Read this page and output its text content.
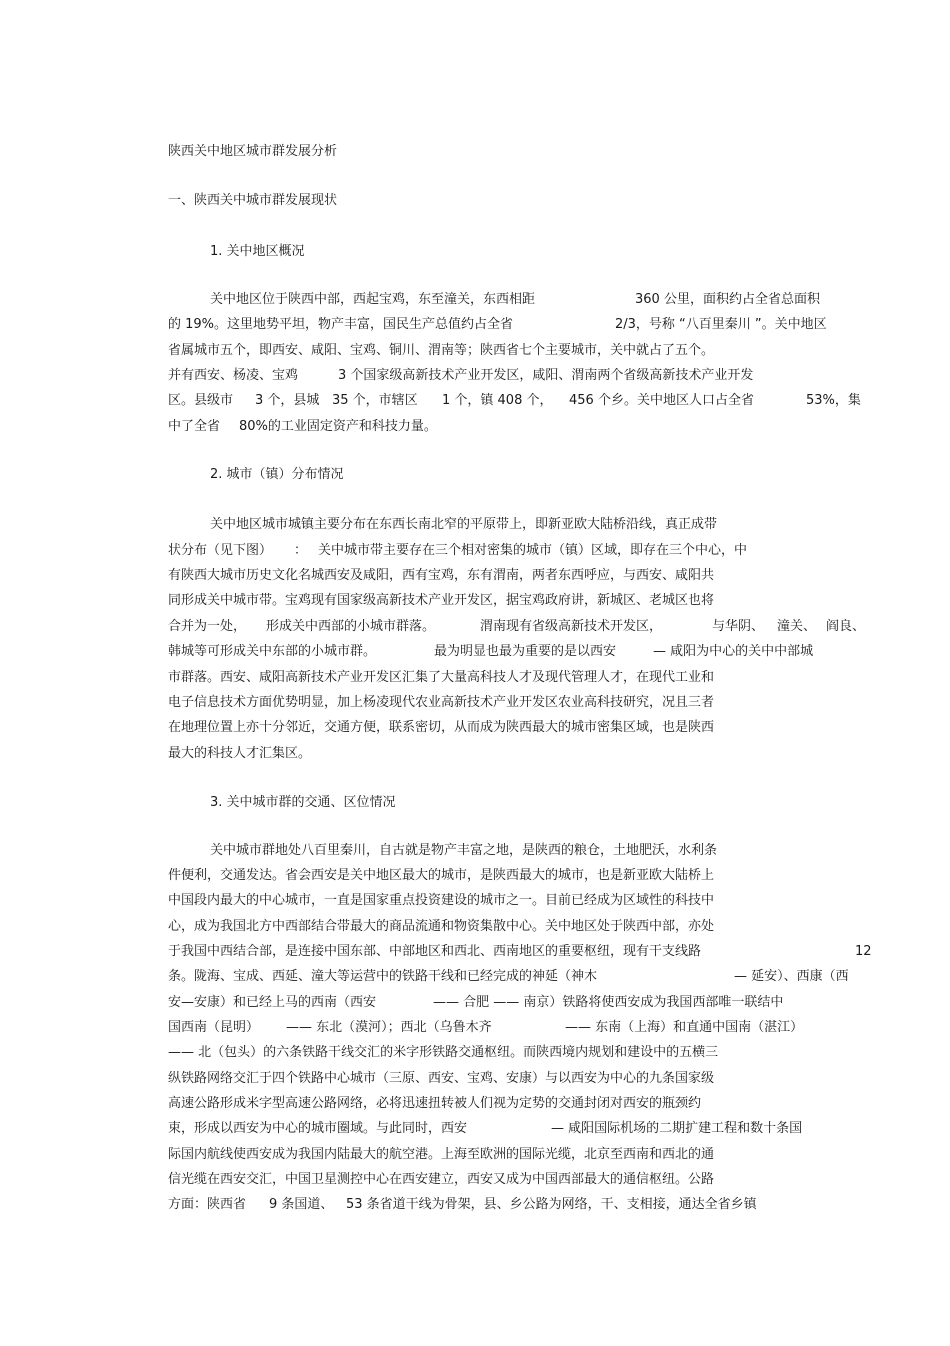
陕西关中地区城市群发展分析
一、陕西关中城市群发展现状
1. 关中地区概况
关中地区位于陕西中部，西起宝鸡，东至潼关，东西相距	360 公里，面积约占全省总面积
的 19%。这里地势平坦，物产丰富，国民生产总值约占全省	2/3，号称 “八百里秦川 ”。关中地区
省属城市五个，即西安、咸阳、宝鸡、铜川、渭南等；陕西省七个主要城市，关中就占了五个。
并有西安、杨凌、宝鸡	3 个国家级高新技术产业开发区，咸阳、渭南两个省级高新技术产业开发
区。县级市 3 个，县城 35 个，市辖区 1 个，镇 408 个， 456 个乡。关中地区人口占全省	53%，集
中了全省 80%的工业固定资产和科技力量。
2. 城市（镇）分布情况
关中地区城市城镇主要分布在东西长南北窄的平原带上，即新亚欧大陆桥沿线，真正成带
状分布（见下图） ： 关中城市带主要存在三个相对密集的城市（镇）区域，即存在三个中心，中
有陕西大城市历史文化名城西安及咸阳，西有宝鸡，东有渭南，两者东西呼应，与西安、咸阳共
同形成关中城市带。宝鸡现有国家级高新技术产业开发区，据宝鸡政府讲，新城区、老城区也将
合并为一处， 形成关中西部的小城市群落。	渭南现有省级高新技术开发区，	与华阴、 潼关、 阎良、
韩城等可形成关中东部的小城市群。	最为明显也最为重要的是以西安	— 咸阳为中心的关中中部城
市群落。西安、咸阳高新技术产业开发区汇集了大量高科技人才及现代管理人才，在现代工业和
电子信息技术方面优势明显，加上杨凌现代农业高新技术产业开发区农业高科技研究，况且三者
在地理位置上亦十分邻近，交通方便，联系密切，从而成为陕西最大的城市密集区域，也是陕西
最大的科技人才汇集区。
3. 关中城市群的交通、区位情况
关中城市群地处八百里秦川，自古就是物产丰富之地，是陕西的粮仓，土地肥沃，水利条
件便利，交通发达。省会西安是关中地区最大的城市，是陕西最大的城市，也是新亚欧大陆桥上
中国段内最大的中心城市，一直是国家重点投资建设的城市之一。目前已经成为区域性的科技中
心，成为我国北方中西部结合带最大的商品流通和物资集散中心。关中地区处于陕西中部，亦处
于我国中西结合部，是连接中国东部、中部地区和西北、西南地区的重要枢纽，现有干支线路	12
条。陇海、宝成、西延、潼大等运营中的铁路干线和已经完成的神延（神木	— 延安）、西康（西
安—安康）和已经上马的西南（西安	—— 合肥 —— 南京）铁路将使西安成为我国西部唯一联结中
国西南（昆明） —— 东北（漠河）；西北（乌鲁木齐	—— 东南（上海）和直通中国南（湛江）
—— 北（包头）的六条铁路干线交汇的米字形铁路交通枢纽。而陕西境内规划和建设中的五横三
纵铁路网络交汇于四个铁路中心城市（三原、西安、宝鸡、安康）与以西安为中心的九条国家级
高速公路形成米字型高速公路网络，必将迅速扭转被人们视为定势的交通封闭对西安的瓶颈约
束，形成以西安为中心的城市圈域。与此同时，西安	— 咸阳国际机场的二期扩建工程和数十条国
际国内航线使西安成为我国内陆最大的航空港。上海至欧洲的国际光缆，北京至西南和西北的通
信光缆在西安交汇，中国卫星测控中心在西安建立，西安又成为中国西部最大的通信枢纽。公路
方面：陕西省 9 条国道、 53 条省道干线为骨架，县、乡公路为网络，干、支相接，通达全省乡镇
